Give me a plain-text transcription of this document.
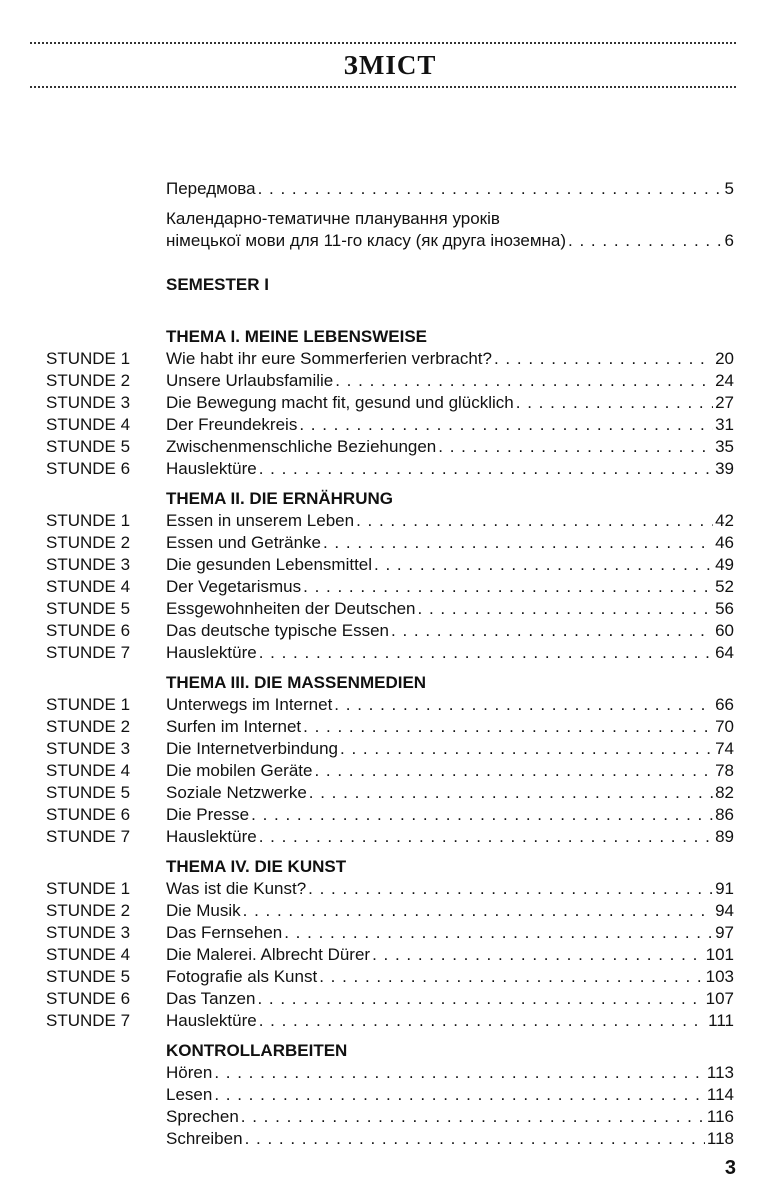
ЗМІСТ
Передмова . . .	5
Календарно-тематичне планування уроків
німецької мови для 11-го класу (як друга іноземна) . . .	6
SEMESTER I
THEMA I. MEINE LEBENSWEISE
STUNDE 1 Wie habt ihr eure Sommerferien verbracht? . . .	20
STUNDE 2 Unsere Urlaubsfamilie . . .	24
STUNDE 3 Die Bewegung macht fit, gesund und glücklich . . .	27
STUNDE 4 Der Freundekreis . . .	31
STUNDE 5 Zwischenmenschliche Beziehungen . . .	35
STUNDE 6 Hauslektüre . . .	39
THEMA II. DIE ERNÄHRUNG
STUNDE 1 Essen in unserem Leben . . .	42
STUNDE 2 Essen und Getränke . . .	46
STUNDE 3 Die gesunden Lebensmittel . . .	49
STUNDE 4 Der Vegetarismus . . .	52
STUNDE 5 Essgewohnheiten der Deutschen . . .	56
STUNDE 6 Das deutsche typische Essen . . .	60
STUNDE 7 Hauslektüre . . .	64
THEMA III. DIE MASSENMEDIEN
STUNDE 1 Unterwegs im Internet . . .	66
STUNDE 2 Surfen im Internet . . .	70
STUNDE 3 Die Internetverbindung . . .	74
STUNDE 4 Die mobilen Geräte . . .	78
STUNDE 5 Soziale Netzwerke . . .	82
STUNDE 6 Die Presse . . .	86
STUNDE 7 Hauslektüre . . .	89
THEMA IV. DIE KUNST
STUNDE 1 Was ist die Kunst? . . .	91
STUNDE 2 Die Musik . . .	94
STUNDE 3 Das Fernsehen . . .	97
STUNDE 4 Die Malerei. Albrecht Dürer . . .	101
STUNDE 5 Fotografie als Kunst . . .	103
STUNDE 6 Das Tanzen . . .	107
STUNDE 7 Hauslektüre . . .	111
KONTROLLARBEITEN
Hören . . .	113
Lesen . . .	114
Sprechen . . .	116
Schreiben . . .	118
3
